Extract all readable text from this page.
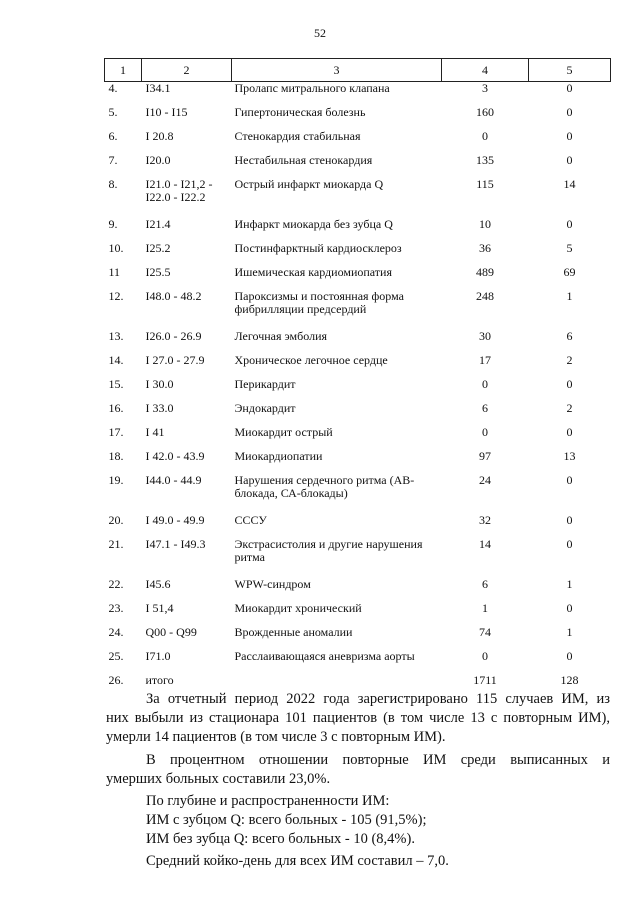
52
1	2	3	4	5
4.	I34.1	Пролапс митрального клапана	3	0
5.	I10 - I15	Гипертоническая болезнь	160	0
6.	I 20.8	Стенокардия стабильная	0	0
7.	I20.0	Нестабильная стенокардия	135	0
8.	I21.0 - I21,2 - I22.0 - I22.2	Острый инфаркт миокарда Q	115	14
9.	I21.4	Инфаркт миокарда без зубца Q	10	0
10.	I25.2	Постинфарктный кардиосклероз	36	5
11	I25.5	Ишемическая кардиомиопатия	489	69
12.	I48.0 - 48.2	Пароксизмы и постоянная форма фибрилляции предсердий	248	1
13.	I26.0 - 26.9	Легочная эмболия	30	6
14.	I 27.0 - 27.9	Хроническое легочное сердце	17	2
15.	I 30.0	Перикардит	0	0
16.	I 33.0	Эндокардит	6	2
17.	I 41	Миокардит острый	0	0
18.	I 42.0 - 43.9	Миокардиопатии	97	13
19.	I44.0 - 44.9	Нарушения сердечного ритма (АВ-блокада, СА-блокады)	24	0
20.	I 49.0 - 49.9	СССУ	32	0
21.	I47.1 - I49.3	Экстрасистолия и другие нарушения ритма	14	0
22.	I45.6	WPW-синдром	6	1
23.	I 51,4	Миокардит хронический	1	0
24.	Q00 - Q99	Врожденные аномалии	74	1
25.	I71.0	Расслаивающаяся аневризма аорты	0	0
26.	итого		1711	128
За отчетный период 2022 года зарегистрировано 115 случаев ИМ, из
них выбыли из стационара 101 пациентов (в том числе 13 с повторным ИМ),
умерли 14 пациентов (в том числе 3 с повторным ИМ).
В процентном отношении повторные ИМ среди выписанных и
умерших больных составили 23,0%.
По глубине и распространенности ИМ:
ИМ с зубцом Q: всего больных - 105 (91,5%);
ИМ без зубца Q: всего больных - 10 (8,4%).
Средний койко-день для всех ИМ составил – 7,0.
